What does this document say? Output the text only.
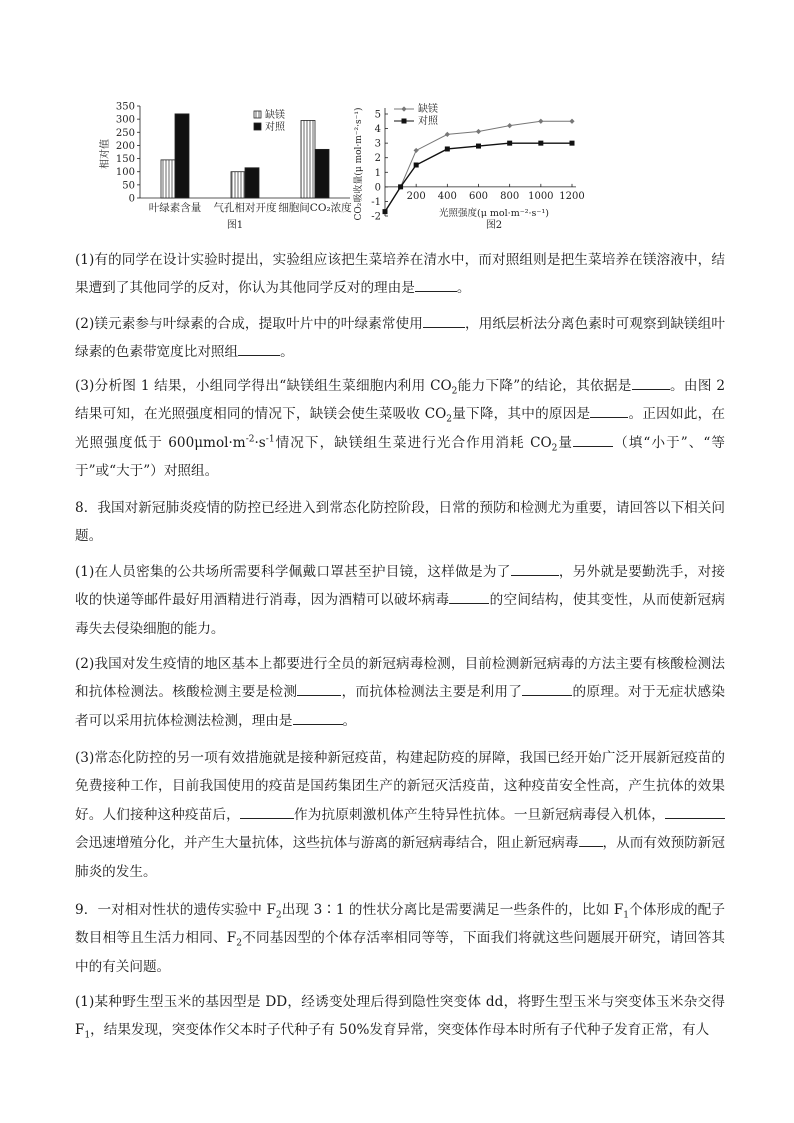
0
50
100
150
200
250
300
350
相对值
叶绿素含量 气孔相对开度 细胞间CO₂浓度
图1
缺镁
对照
-2
-1
0
1
2
3
4
5
200 400 600 800 1000 1200
CO₂吸收量(μ mol·m⁻²·s⁻¹)	光照强度(μ mol·m⁻²·s⁻¹)
图2
缺镁
对照

(1)有的同学在设计实验时提出，实验组应该把生菜培养在清水中，而对照组则是把生菜培养在镁溶液中，结果遭到了其他同学的反对，你认为其他同学反对的理由是	。

(2)镁元素参与叶绿素的合成，提取叶片中的叶绿素常使用	，用纸层析法分离色素时可观察到缺镁组叶绿素的色素带宽度比对照组	。

(3)分析图 1 结果，小组同学得出“缺镁组生菜细胞内利用 $CO_2$能力下降”的结论，其依据是	。由图 2 结果可知，在光照强度相同的情况下，缺镁会使生菜吸收 $CO_2$量下降，其中的原因是	。正因如此，在光照强度低于 $600\mu mol\cdot m^{-2}\cdot s^{-1}$情况下，缺镁组生菜进行光合作用消耗 $CO_2$量	（填“小于”、“等于”或“大于”）对照组。

8．我国对新冠肺炎疫情的防控已经进入到常态化防控阶段，日常的预防和检测尤为重要，请回答以下相关问题。

(1)在人员密集的公共场所需要科学佩戴口罩甚至护目镜，这样做是为了	，另外就是要勤洗手，对接收的快递等邮件最好用酒精进行消毒，因为酒精可以破坏病毒	的空间结构，使其变性，从而使新冠病毒失去侵染细胞的能力。

(2)我国对发生疫情的地区基本上都要进行全员的新冠病毒检测，目前检测新冠病毒的方法主要有核酸检测法和抗体检测法。核酸检测主要是检测	，而抗体检测法主要是利用了	的原理。对于无症状感染者可以采用抗体检测法检测，理由是	。

(3)常态化防控的另一项有效措施就是接种新冠疫苗，构建起防疫的屏障，我国已经开始广泛开展新冠疫苗的免费接种工作，目前我国使用的疫苗是国药集团生产的新冠灭活疫苗，这种疫苗安全性高，产生抗体的效果好。人们接种这种疫苗后，	作为抗原刺激机体产生特异性抗体。一旦新冠病毒侵入机体，会迅速增殖分化，并产生大量抗体，这些抗体与游离的新冠病毒结合，阻止新冠病毒 ，从而有效预防新冠肺炎的发生。

9．一对相对性状的遗传实验中 $F_2$出现 3∶1 的性状分离比是需要满足一些条件的，比如 $F_1$个体形成的配子数目相等且生活力相同、$F_2$不同基因型的个体存活率相同等等，下面我们将就这些问题展开研究，请回答其中的有关问题。

(1)某种野生型玉米的基因型是 DD，经诱变处理后得到隐性突变体 dd，将野生型玉米与突变体玉米杂交得 $F_1$，结果发现，突变体作父本时子代种子有 50%发育异常，突变体作母本时所有子代种子发育正常，有人
